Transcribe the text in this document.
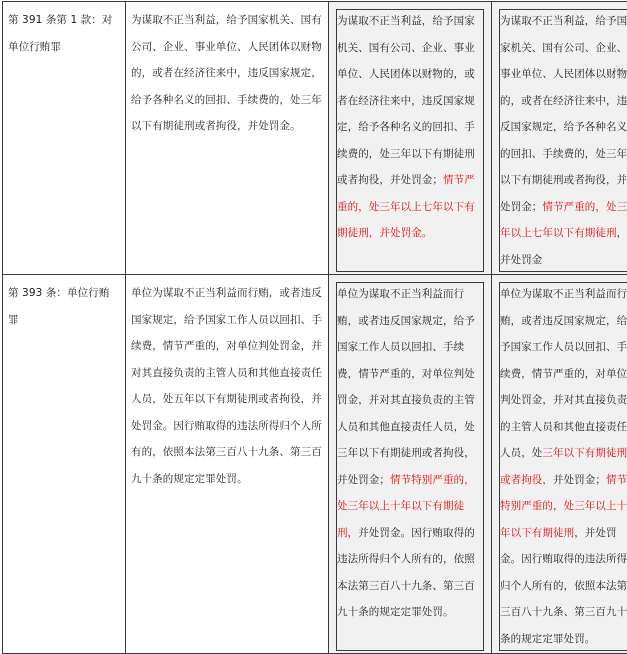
第 391 条第 1 款：对单位行贿罪	为谋取不正当利益，给予国家机关、国有公司、企业、事业单位、人民团体以财物的，或者在经济往来中，违反国家规定，给予各种名义的回扣、手续费的，处三年以下有期徒刑或者拘役，并处罚金。	为谋取不正当利益，给予国家机关、国有公司、企业、事业单位、人民团体以财物的，或者在经济往来中，违反国家规定，给予各种名义的回扣、手续费的，处三年以下有期徒刑或者拘役，并处罚金；情节严重的，处三年以上七年以下有期徒刑，并处罚金。	为谋取不正当利益，给予国家机关、国有公司、企业、事业单位、人民团体以财物的，或者在经济往来中，违反国家规定，给予各种名义的回扣、手续费的，处三年以下有期徒刑或者拘役，并处罚金；情节严重的，处三年以上七年以下有期徒刑，并处罚金

第 393 条：单位行贿罪	单位为谋取不正当利益而行贿，或者违反国家规定，给予国家工作人员以回扣、手续费，情节严重的，对单位判处罚金，并对其直接负责的主管人员和其他直接责任人员，处五年以下有期徒刑或者拘役，并处罚金。因行贿取得的违法所得归个人所有的，依照本法第三百八十九条、第三百九十条的规定定罪处罚。	单位为谋取不正当利益而行贿，或者违反国家规定，给予国家工作人员以回扣、手续费，情节严重的，对单位判处罚金，并对其直接负责的主管人员和其他直接责任人员，处三年以下有期徒刑或者拘役，并处罚金；情节特别严重的，处三年以上十年以下有期徒刑，并处罚金。因行贿取得的违法所得归个人所有的，依照本法第三百八十九条、第三百九十条的规定定罪处罚。	单位为谋取不正当利益而行贿，或者违反国家规定，给予国家工作人员以回扣、手续费，情节严重的，对单位判处罚金，并对其直接负责的主管人员和其他直接责任人员，处三年以下有期徒刑或者拘役，并处罚金；情节特别严重的，处三年以上十年以下有期徒刑，并处罚金。因行贿取得的违法所得归个人所有的，依照本法第三百八十九条、第三百九十条的规定定罪处罚。
